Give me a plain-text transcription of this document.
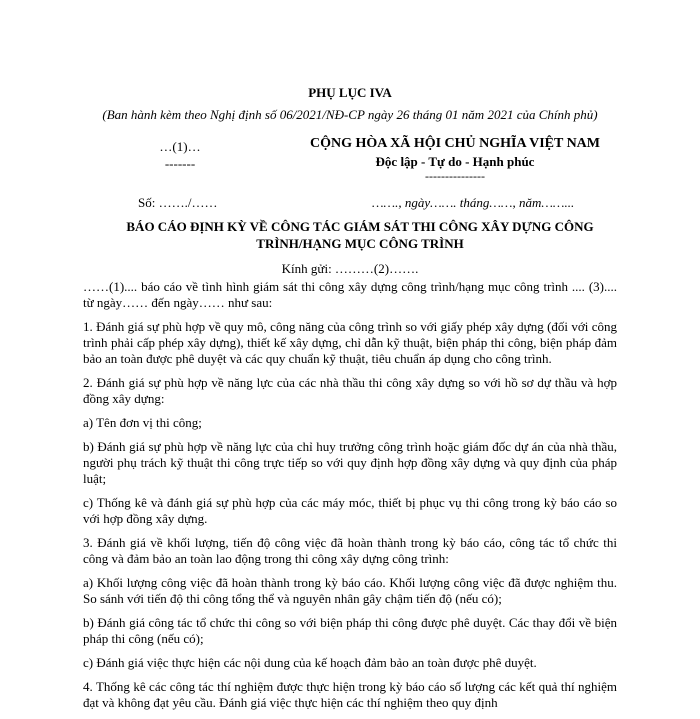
PHỤ LỤC IVA
(Ban hành kèm theo Nghị định số 06/2021/NĐ-CP ngày 26 tháng 01 năm 2021 của Chính phủ)
…(1)…
-------
CỘNG HÒA XÃ HỘI CHỦ NGHĨA VIỆT NAM
Độc lập - Tự do - Hạnh phúc
---------------
Số: ……./……	……., ngày……. tháng……, năm……...
BÁO CÁO ĐỊNH KỲ VỀ CÔNG TÁC GIÁM SÁT THI CÔNG XÂY DỰNG CÔNG TRÌNH/HẠNG MỤC CÔNG TRÌNH
Kính gửi: ………(2)…….

……(1).... báo cáo về tình hình giám sát thi công xây dựng công trình/hạng mục công trình .... (3).... từ ngày…… đến ngày…… như sau:

1. Đánh giá sự phù hợp về quy mô, công năng của công trình so với giấy phép xây dựng (đối với công trình phải cấp phép xây dựng), thiết kế xây dựng, chỉ dẫn kỹ thuật, biện pháp thi công, biện pháp đảm bảo an toàn được phê duyệt và các quy chuẩn kỹ thuật, tiêu chuẩn áp dụng cho công trình.

2. Đánh giá sự phù hợp về năng lực của các nhà thầu thi công xây dựng so với hồ sơ dự thầu và hợp đồng xây dựng:

a) Tên đơn vị thi công;

b) Đánh giá sự phù hợp về năng lực của chỉ huy trưởng công trình hoặc giám đốc dự án của nhà thầu, người phụ trách kỹ thuật thi công trực tiếp so với quy định hợp đồng xây dựng và quy định của pháp luật;

c) Thống kê và đánh giá sự phù hợp của các máy móc, thiết bị phục vụ thi công trong kỳ báo cáo so với hợp đồng xây dựng.

3. Đánh giá về khối lượng, tiến độ công việc đã hoàn thành trong kỳ báo cáo, công tác tổ chức thi công và đảm bảo an toàn lao động trong thi công xây dựng công trình:

a) Khối lượng công việc đã hoàn thành trong kỳ báo cáo. Khối lượng công việc đã được nghiệm thu. So sánh với tiến độ thi công tổng thể và nguyên nhân gây chậm tiến độ (nếu có);

b) Đánh giá công tác tổ chức thi công so với biện pháp thi công được phê duyệt. Các thay đổi về biện pháp thi công (nếu có);

c) Đánh giá việc thực hiện các nội dung của kế hoạch đảm bảo an toàn được phê duyệt.

4. Thống kê các công tác thí nghiệm được thực hiện trong kỳ báo cáo số lượng các kết quả thí nghiệm đạt và không đạt yêu cầu. Đánh giá việc thực hiện các thí nghiệm theo quy định
